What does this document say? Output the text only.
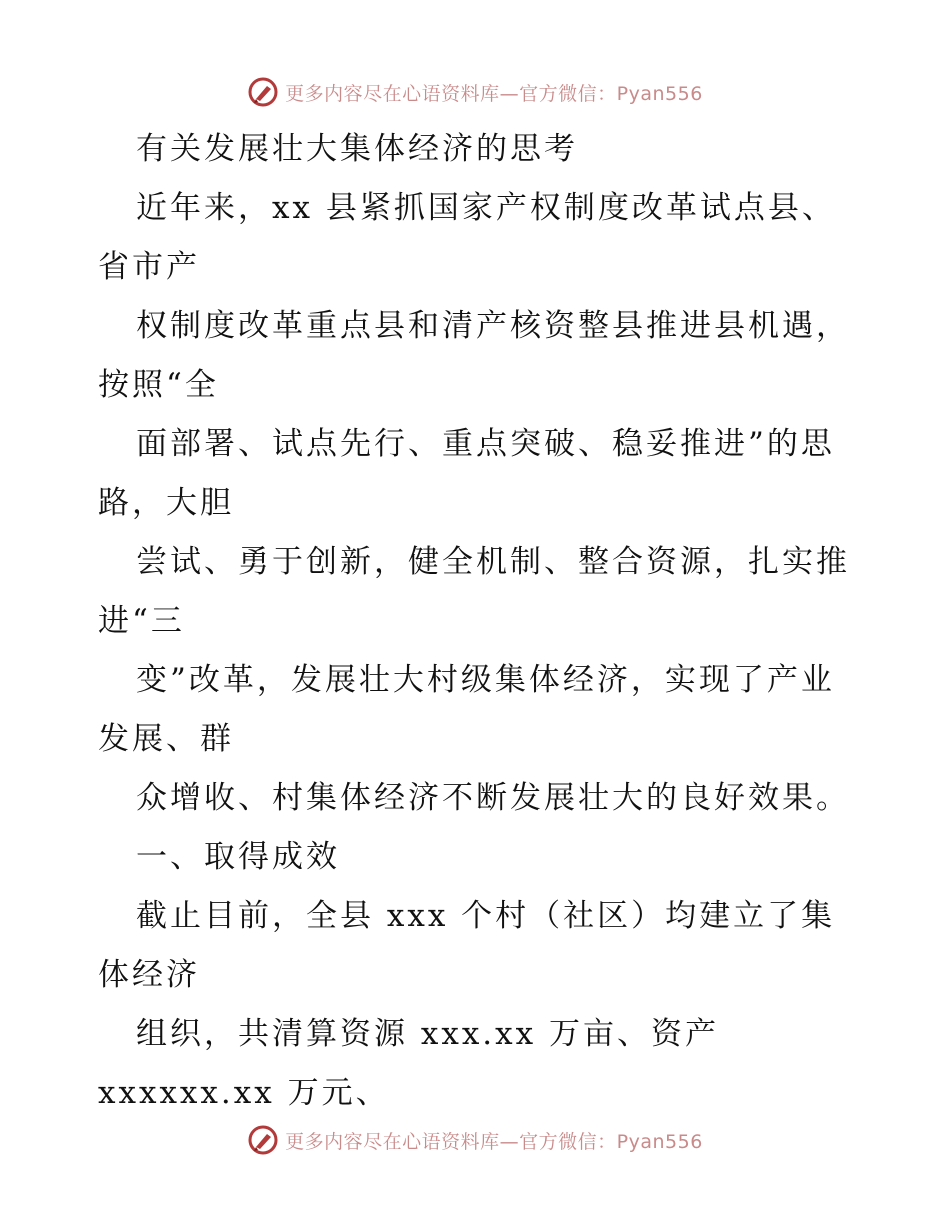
更多内容尽在心语资料库—官方微信：Pyan556
有关发展壮大集体经济的思考
近年来，xx 县紧抓国家产权制度改革试点县、
省市产
权制度改革重点县和清产核资整县推进县机遇，
按照“全
面部署、试点先行、重点突破、稳妥推进”的思
路，大胆
尝试、勇于创新，健全机制、整合资源，扎实推
进“三
变”改革，发展壮大村级集体经济，实现了产业
发展、群
众增收、村集体经济不断发展壮大的良好效果。
一、取得成效
截止目前，全县 xxx 个村（社区）均建立了集
体经济
组织，共清算资源 xxx.xx 万亩、资产
xxxxxx.xx 万元、
更多内容尽在心语资料库—官方微信：Pyan556
